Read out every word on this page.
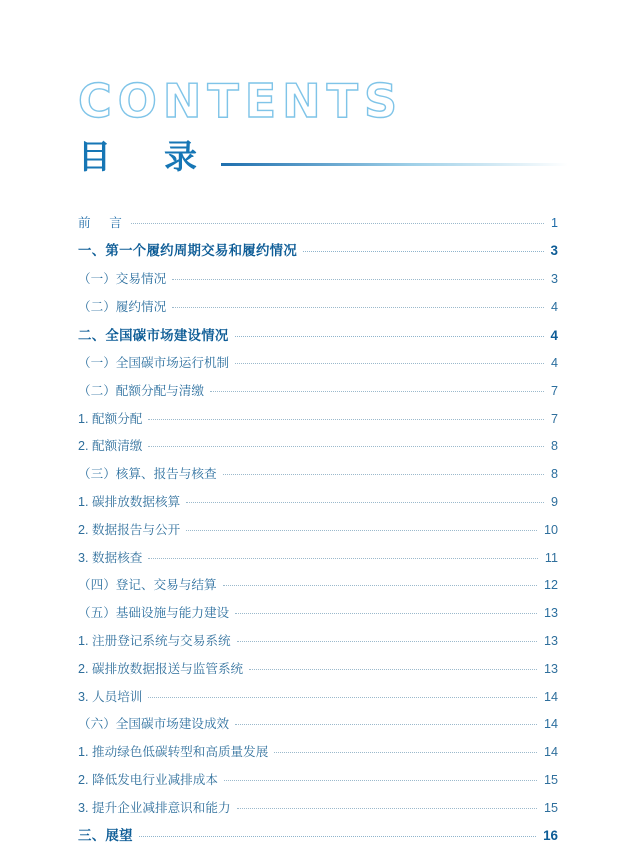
CONTENTS
目　录
前　言	1
一、第一个履约周期交易和履约情况	3
（一）交易情况	3
（二）履约情况	4
二、全国碳市场建设情况	4
（一）全国碳市场运行机制	4
（二）配额分配与清缴	7
1. 配额分配	7
2. 配额清缴	8
（三）核算、报告与核查	8
1. 碳排放数据核算	9
2. 数据报告与公开	10
3. 数据核查	11
（四）登记、交易与结算	12
（五）基础设施与能力建设	13
1. 注册登记系统与交易系统	13
2. 碳排放数据报送与监管系统	13
3. 人员培训	14
（六）全国碳市场建设成效	14
1. 推动绿色低碳转型和高质量发展	14
2. 降低发电行业减排成本	15
3. 提升企业减排意识和能力	15
三、展望	16
